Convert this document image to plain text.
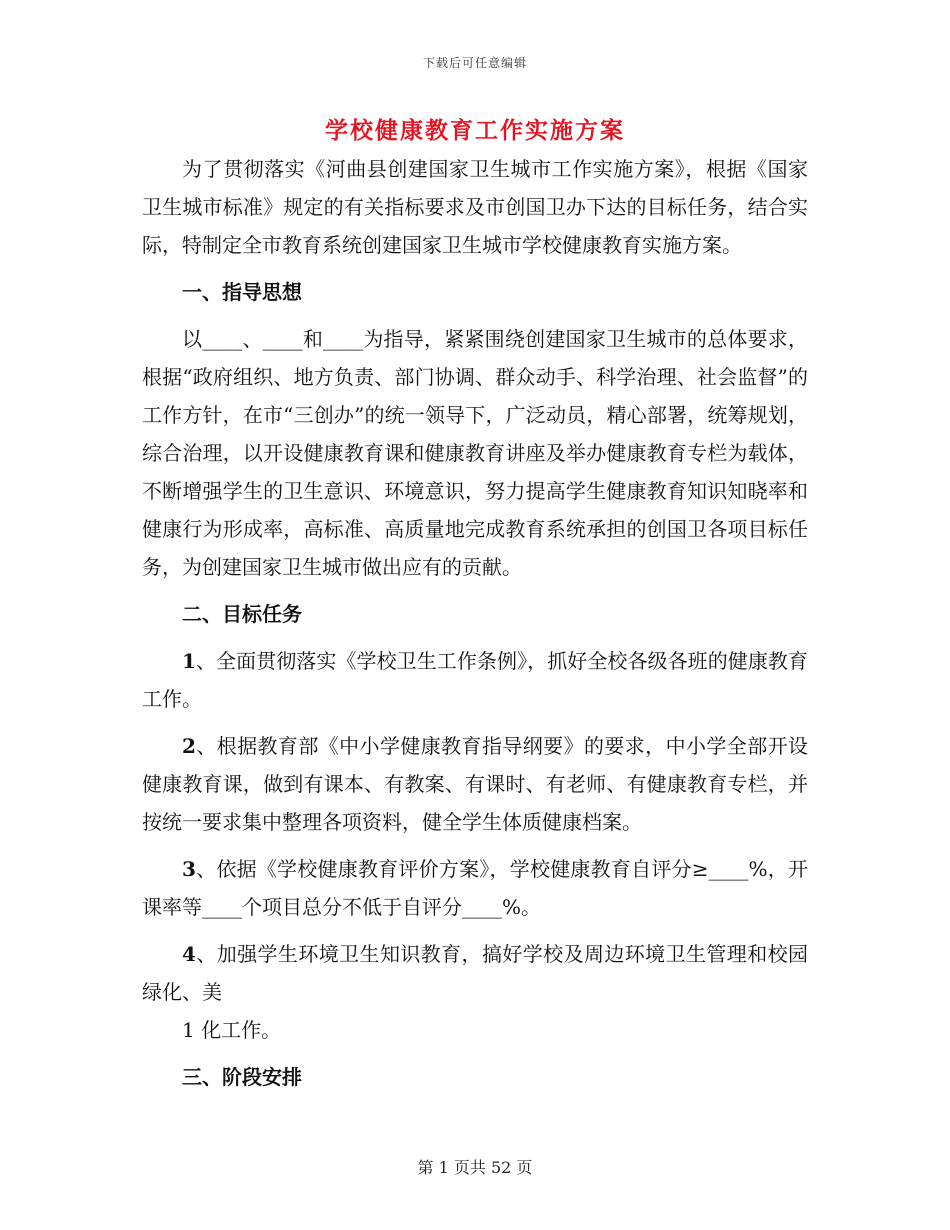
下载后可任意编辑
学校健康教育工作实施方案

为了贯彻落实《河曲县创建国家卫生城市工作实施方案》，根据《国家卫生城市标准》规定的有关指标要求及市创国卫办下达的目标任务，结合实际，特制定全市教育系统创建国家卫生城市学校健康教育实施方案。

一、指导思想

以____、____和____为指导，紧紧围绕创建国家卫生城市的总体要求，根据“政府组织、地方负责、部门协调、群众动手、科学治理、社会监督”的工作方针，在市“三创办”的统一领导下，广泛动员，精心部署，统筹规划，综合治理，以开设健康教育课和健康教育讲座及举办健康教育专栏为载体，不断增强学生的卫生意识、环境意识，努力提高学生健康教育知识知晓率和健康行为形成率，高标准、高质量地完成教育系统承担的创国卫各项目标任务，为创建国家卫生城市做出应有的贡献。

二、目标任务

1、全面贯彻落实《学校卫生工作条例》，抓好全校各级各班的健康教育工作。

2、根据教育部《中小学健康教育指导纲要》的要求，中小学全部开设健康教育课，做到有课本、有教案、有课时、有老师、有健康教育专栏，并按统一要求集中整理各项资料，健全学生体质健康档案。

3、依据《学校健康教育评价方案》，学校健康教育自评分≥____%，开课率等____个项目总分不低于自评分____%。

4、加强学生环境卫生知识教育，搞好学校及周边环境卫生管理和校园绿化、美

1 化工作。

三、阶段安排

第 1 页共 52 页
